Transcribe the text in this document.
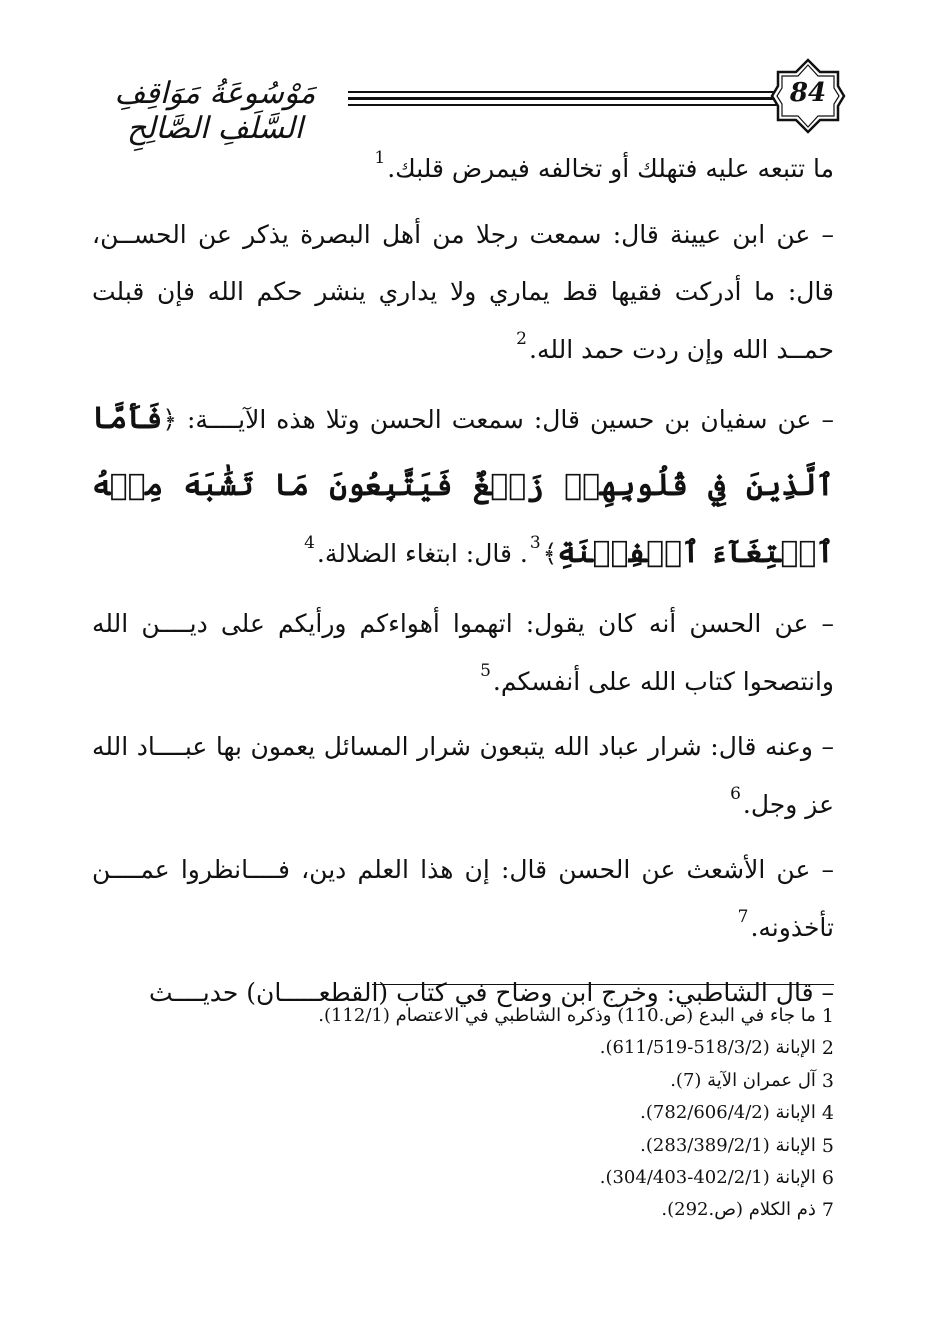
مَوْسُوعَةُ مَوَاقِفِ السَّلَفِ الصَّالِحِ
84

ما تتبعه عليه فتهلك أو تخالفه فيمرض قلبك.$^1$

– عن ابن عيينة قال: سمعت رجلا من أهل البصرة يذكر عن الحســن، قال: ما أدركت فقيها قط يماري ولا يداري ينشر حكم الله فإن قبلت حمــد الله وإن ردت حمد الله.$^2$

– عن سفيان بن حسين قال: سمعت الحسن وتلا هذه الآيــــة: ﴿فَأَمَّا ٱلَّذِينَ فِي قُلُوبِهِمۡ زَيۡغٌ فَيَتَّبِعُونَ مَا تَشَٰبَهَ مِنۡهُ ٱبۡتِغَآءَ ٱلۡفِتۡنَةِ﴾$^3$. قال: ابتغاء الضلالة.$^4$

– عن الحسن أنه كان يقول: اتهموا أهواءكم ورأيكم على ديــــن الله وانتصحوا كتاب الله على أنفسكم.$^5$

– وعنه قال: شرار عباد الله يتبعون شرار المسائل يعمون بها عبــــاد الله عز وجل.$^6$

– عن الأشعث عن الحسن قال: إن هذا العلم دين، فــــانظروا عمــــن تأخذونه.$^7$

– قال الشاطبي: وخرج ابن وضاح في كتاب (القطعـــــان) حديــــث

1
ما جاء في البدع (ص.110) وذكره الشاطبي في الاعتصام (112/1).
2
الإبانة (518/3/2-611/519).
3
آل عمران الآية (7).
4
الإبانة (782/606/4/2).
5
الإبانة (283/389/2/1).
6
الإبانة (402/2/1-304/403).
7
ذم الكلام (ص.292).
